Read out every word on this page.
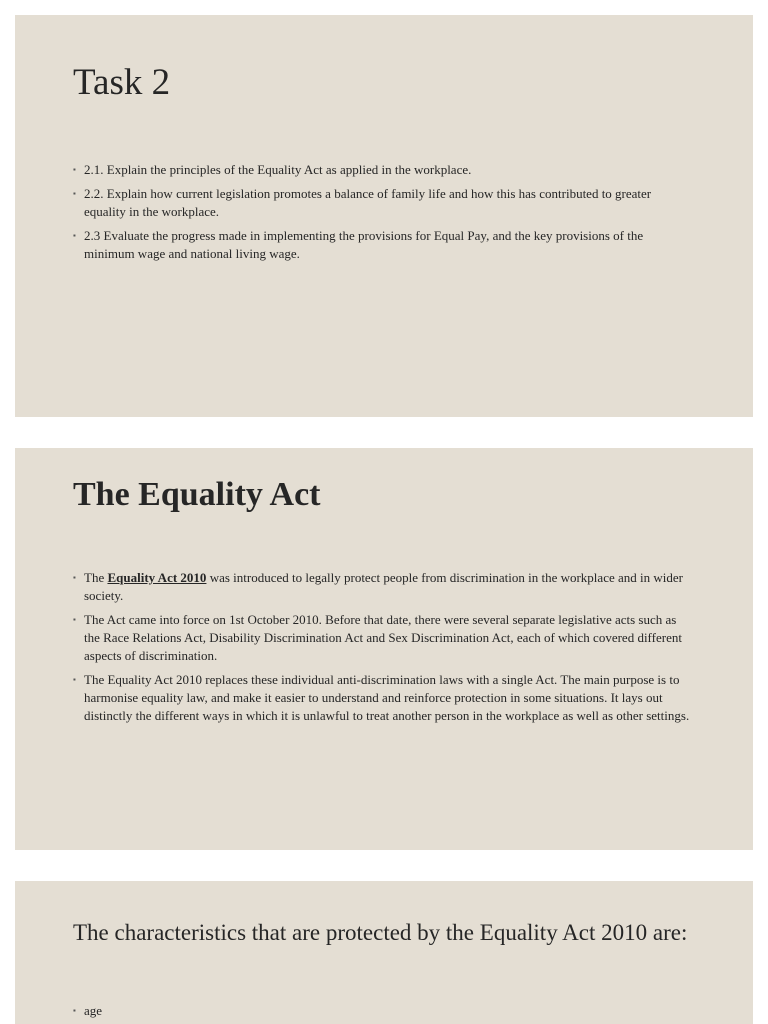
Task 2
▪ 2.1. Explain the principles of the Equality Act as applied in the workplace.
▪ 2.2. Explain how current legislation promotes a balance of family life and how this has contributed to greater equality in the workplace.
▪ 2.3 Evaluate the progress made in implementing the provisions for Equal Pay, and the key provisions of the minimum wage and national living wage.
The Equality Act
▪ The Equality Act 2010 was introduced to legally protect people from discrimination in the workplace and in wider society.
▪ The Act came into force on 1st October 2010. Before that date, there were several separate legislative acts such as the Race Relations Act, Disability Discrimination Act and Sex Discrimination Act, each of which covered different aspects of discrimination.
▪ The Equality Act 2010 replaces these individual anti-discrimination laws with a single Act. The main purpose is to harmonise equality law, and make it easier to understand and reinforce protection in some situations. It lays out distinctly the different ways in which it is unlawful to treat another person in the workplace as well as other settings.
The characteristics that are protected by the Equality Act 2010 are:
▪ age
